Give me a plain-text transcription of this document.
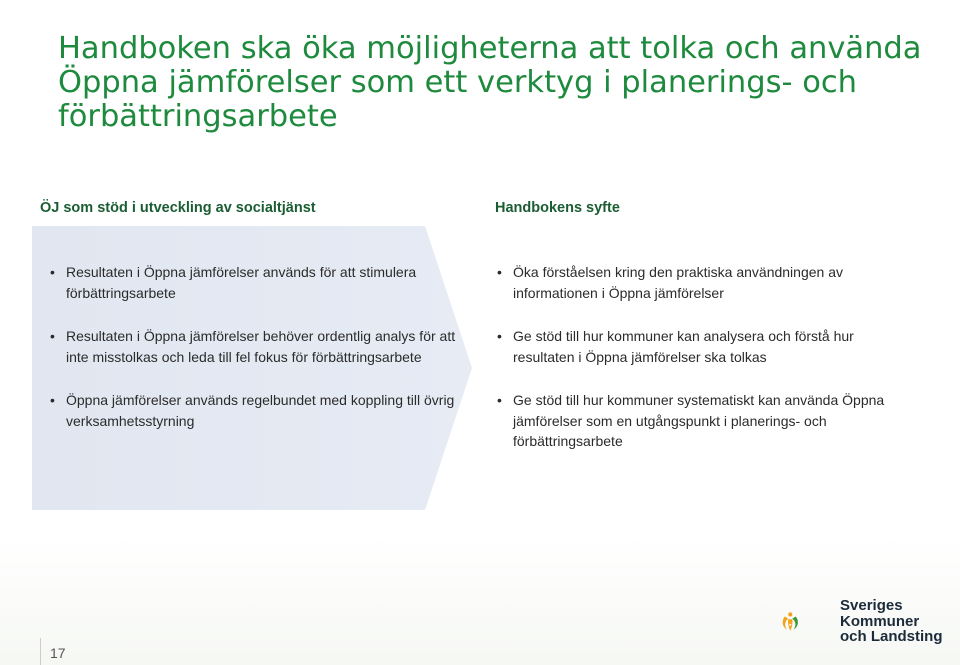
Handboken ska öka möjligheterna att tolka och använda Öppna jämförelser som ett verktyg i planerings- och förbättringsarbete
ÖJ som stöd i utveckling av socialtjänst	Handbokens syfte
• Resultaten i Öppna jämförelser används för att stimulera förbättringsarbete
• Resultaten i Öppna jämförelser behöver ordentlig analys för att inte misstolkas och leda till fel fokus för förbättringsarbete
• Öppna jämförelser används regelbundet med koppling till övrig verksamhetsstyrning
• Öka förståelsen kring den praktiska användningen av informationen i Öppna jämförelser
• Ge stöd till hur kommuner kan analysera och förstå hur resultaten i Öppna jämförelser ska tolkas
• Ge stöd till hur kommuner systematiskt kan använda Öppna jämförelser som en utgångspunkt i planerings- och förbättringsarbete
17
Sveriges
Kommuner
och Landsting
